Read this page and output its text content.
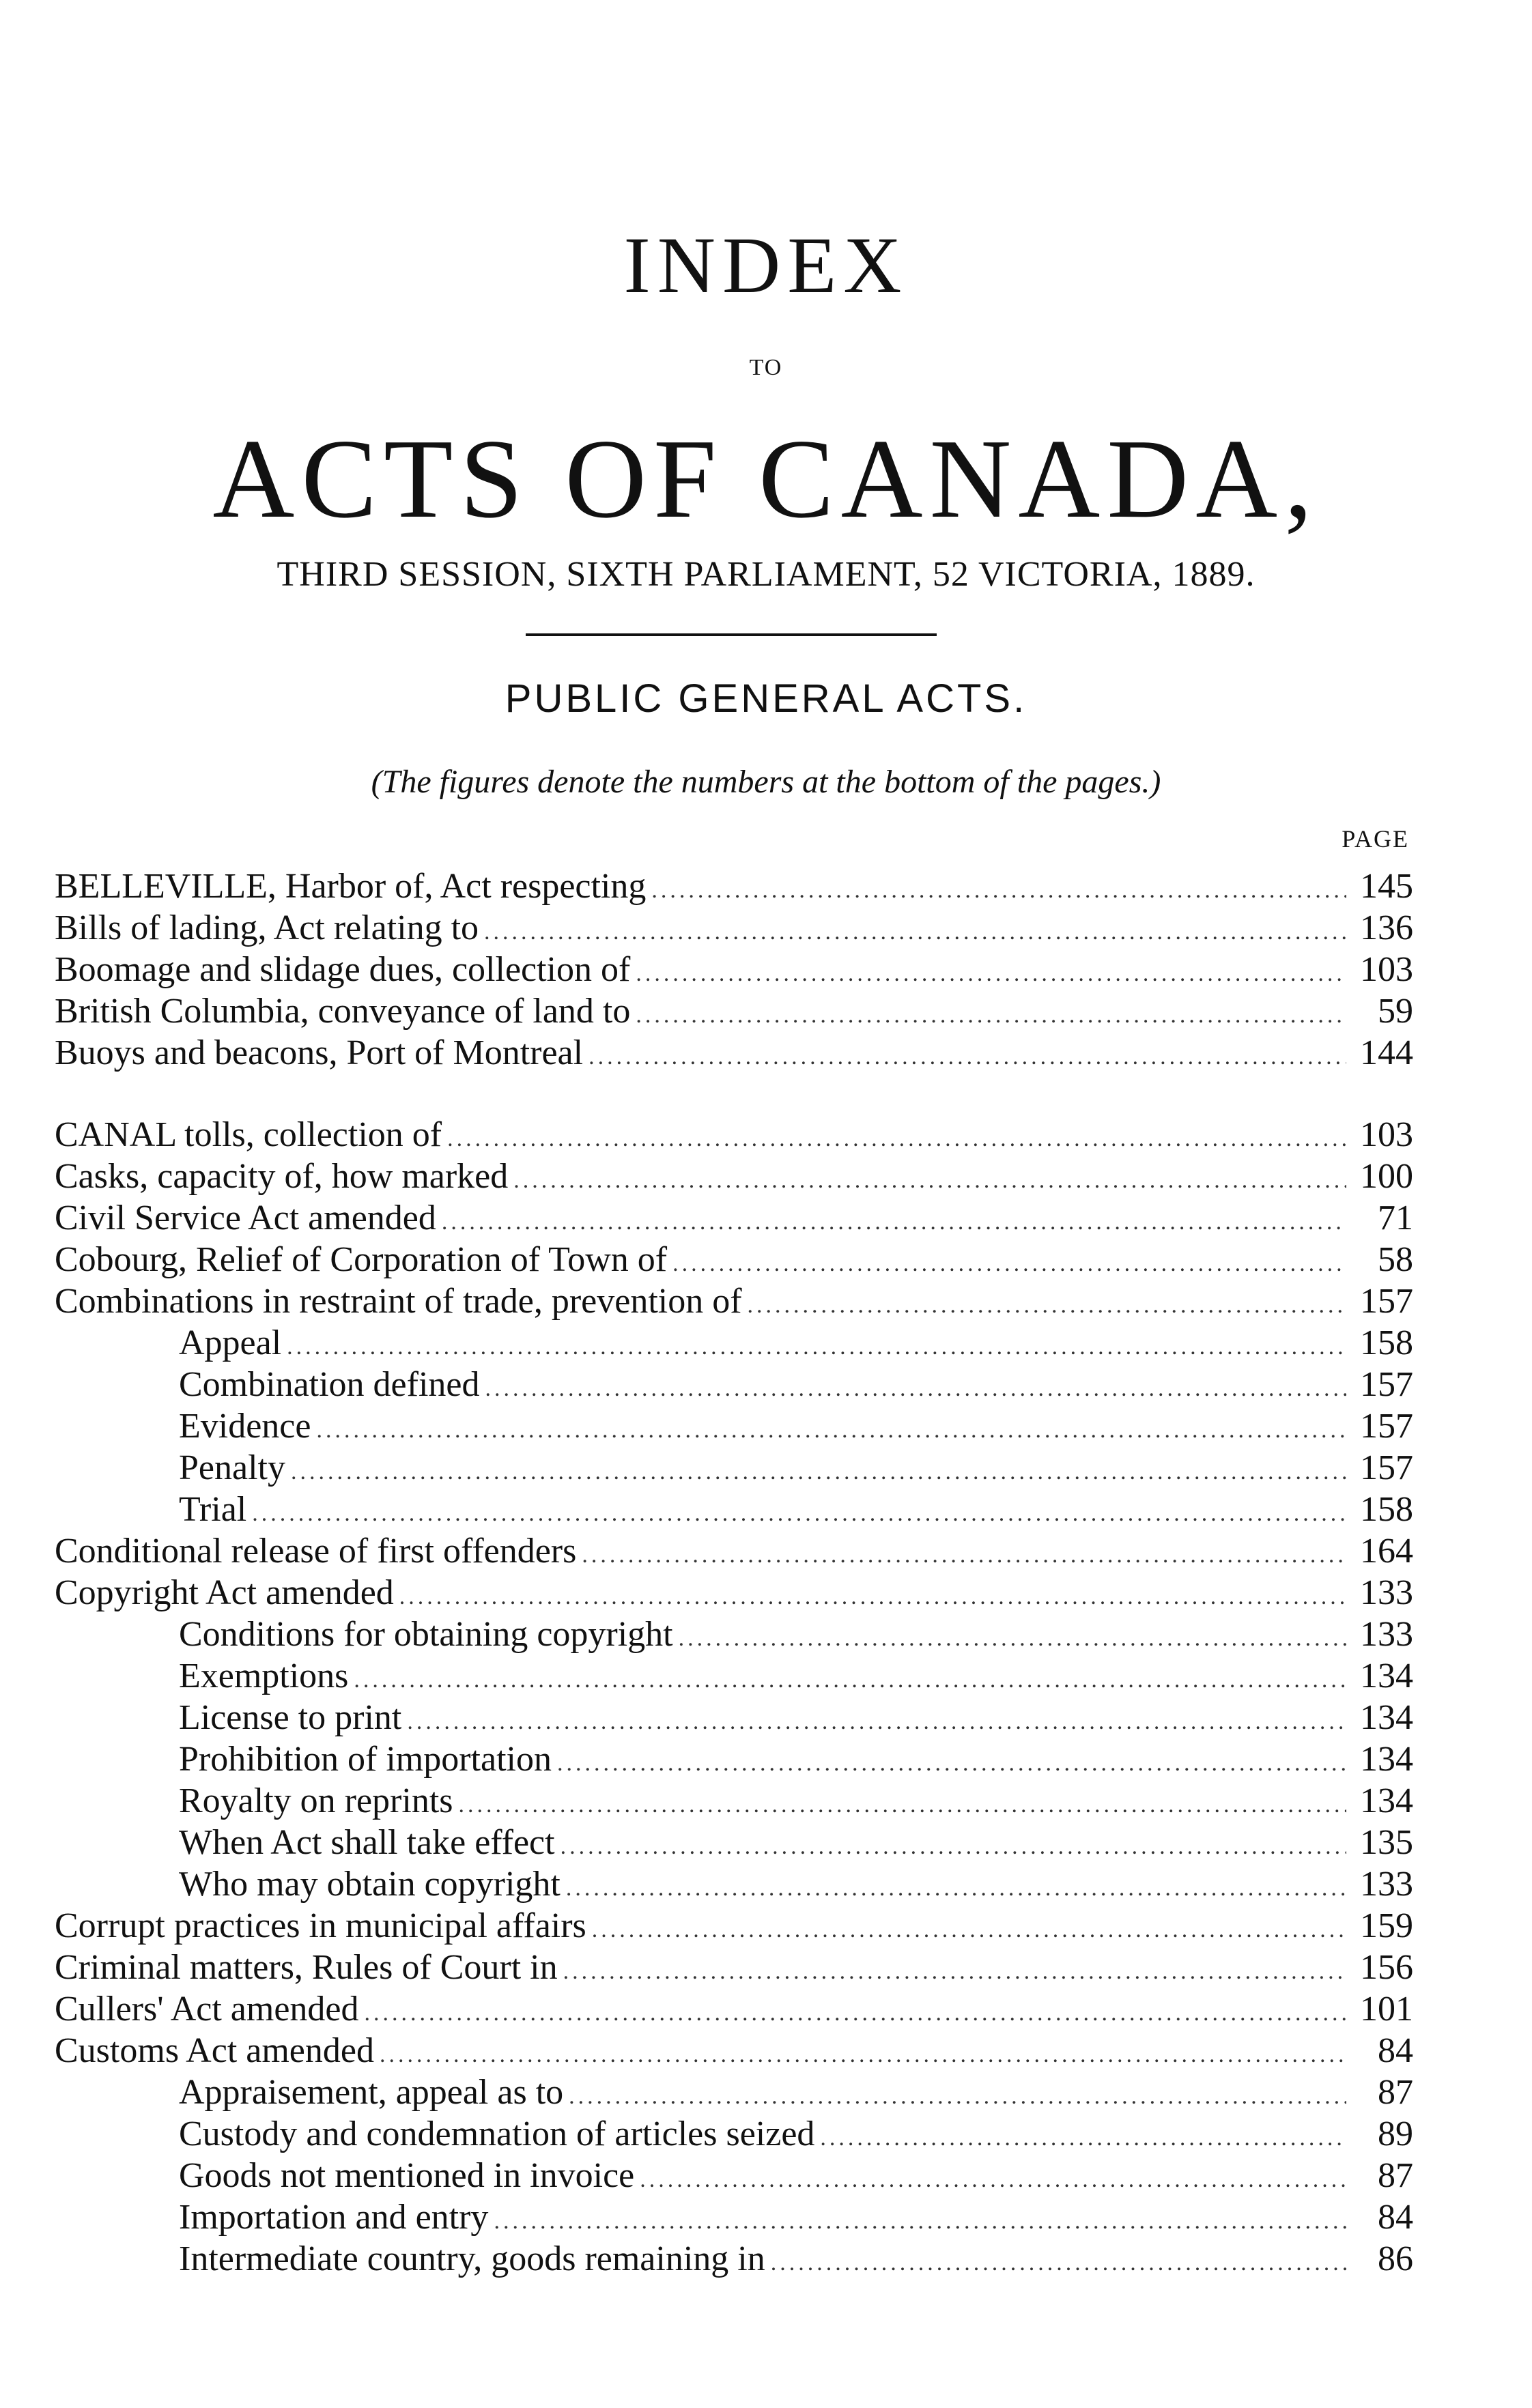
INDEX
TO
ACTS OF CANADA,
THIRD SESSION, SIXTH PARLIAMENT, 52 VICTORIA, 1889.
PUBLIC GENERAL ACTS.
(The figures denote the numbers at the bottom of the pages.)
PAGE
BELLEVILLE, Harbor of, Act respecting .....	145
Bills of lading, Act relating to .....	136
Boomage and slidage dues, collection of .....	103
British Columbia, conveyance of land to .....	59
Buoys and beacons, Port of Montreal .....	144
CANAL tolls, collection of .....	103
Casks, capacity of, how marked .....	100
Civil Service Act amended .....	71
Cobourg, Relief of Corporation of Town of .....	58
Combinations in restraint of trade, prevention of .....	157
Appeal .....	158
Combination defined .....	157
Evidence .....	157
Penalty .....	157
Trial .....	158
Conditional release of first offenders .....	164
Copyright Act amended .....	133
Conditions for obtaining copyright .....	133
Exemptions .....	134
License to print .....	134
Prohibition of importation .....	134
Royalty on reprints .....	134
When Act shall take effect .....	135
Who may obtain copyright .....	133
Corrupt practices in municipal affairs .....	159
Criminal matters, Rules of Court in .....	156
Cullers' Act amended .....	101
Customs Act amended .....	84
Appraisement, appeal as to .....	87
Custody and condemnation of articles seized .....	89
Goods not mentioned in invoice .....	87
Importation and entry .....	84
Intermediate country, goods remaining in .....	86
